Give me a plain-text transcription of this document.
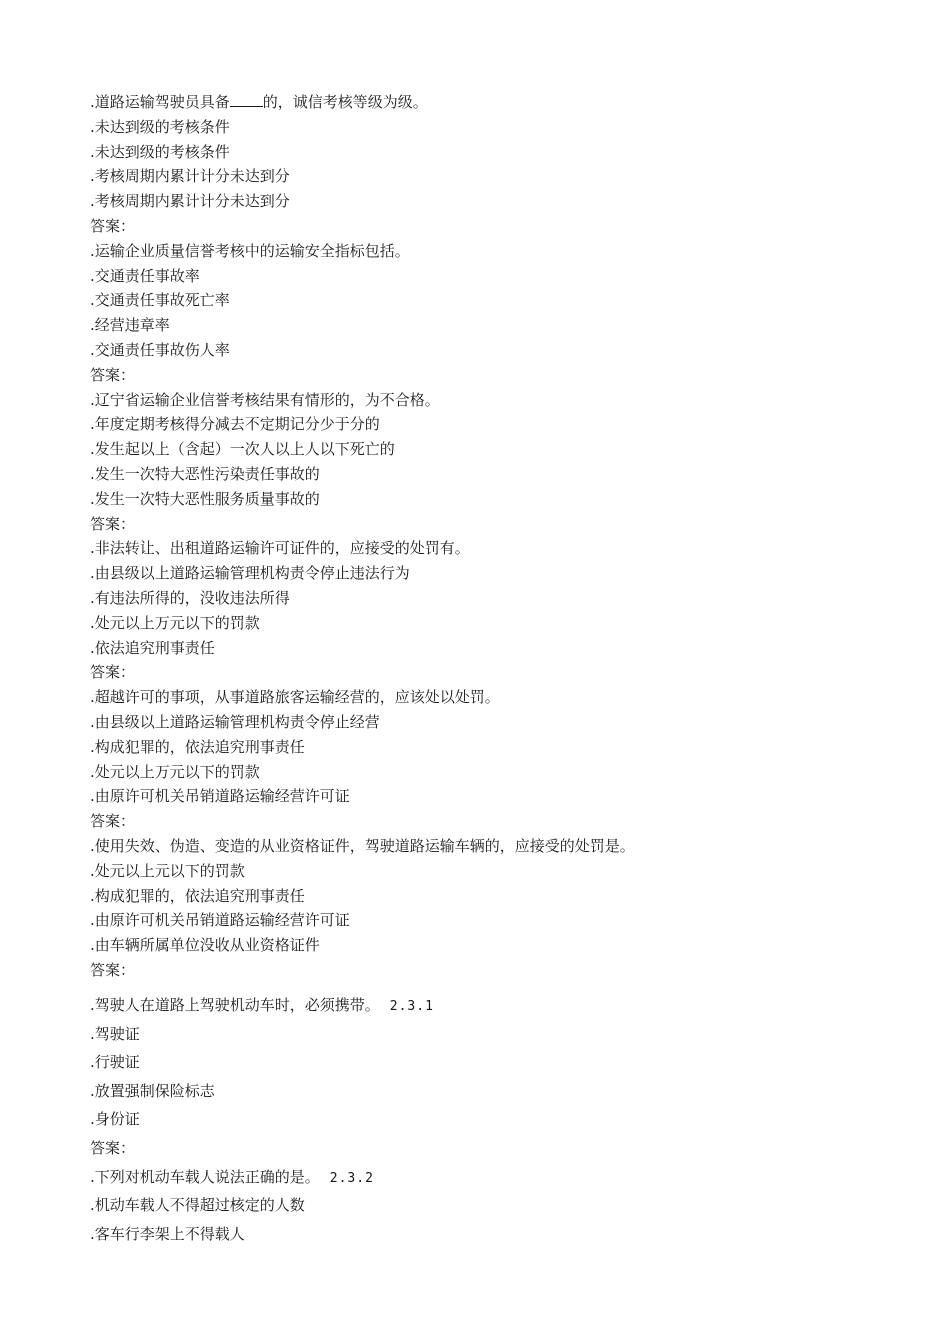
.道路运输驾驶员具备 的，诚信考核等级为级。
.未达到级的考核条件
.未达到级的考核条件
.考核周期内累计计分未达到分
.考核周期内累计计分未达到分
答案：
.运输企业质量信誉考核中的运输安全指标包括。
.交通责任事故率
.交通责任事故死亡率
.经营违章率
.交通责任事故伤人率
答案：
.辽宁省运输企业信誉考核结果有情形的，为不合格。
.年度定期考核得分减去不定期记分少于分的
.发生起以上（含起）一次人以上人以下死亡的
.发生一次特大恶性污染责任事故的
.发生一次特大恶性服务质量事故的
答案：
.非法转让、出租道路运输许可证件的，应接受的处罚有。
.由县级以上道路运输管理机构责令停止违法行为
.有违法所得的，没收违法所得
.处元以上万元以下的罚款
.依法追究刑事责任
答案：
.超越许可的事项，从事道路旅客运输经营的，应该处以处罚。
.由县级以上道路运输管理机构责令停止经营
.构成犯罪的，依法追究刑事责任
.处元以上万元以下的罚款
.由原许可机关吊销道路运输经营许可证
答案：
.使用失效、伪造、变造的从业资格证件，驾驶道路运输车辆的，应接受的处罚是。
.处元以上元以下的罚款
.构成犯罪的，依法追究刑事责任
.由原许可机关吊销道路运输经营许可证
.由车辆所属单位没收从业资格证件
答案：
.驾驶人在道路上驾驶机动车时，必须携带。 2.3.1
.驾驶证
.行驶证
.放置强制保险标志
.身份证
答案：
.下列对机动车载人说法正确的是。 2.3.2
.机动车载人不得超过核定的人数
.客车行李架上不得载人
